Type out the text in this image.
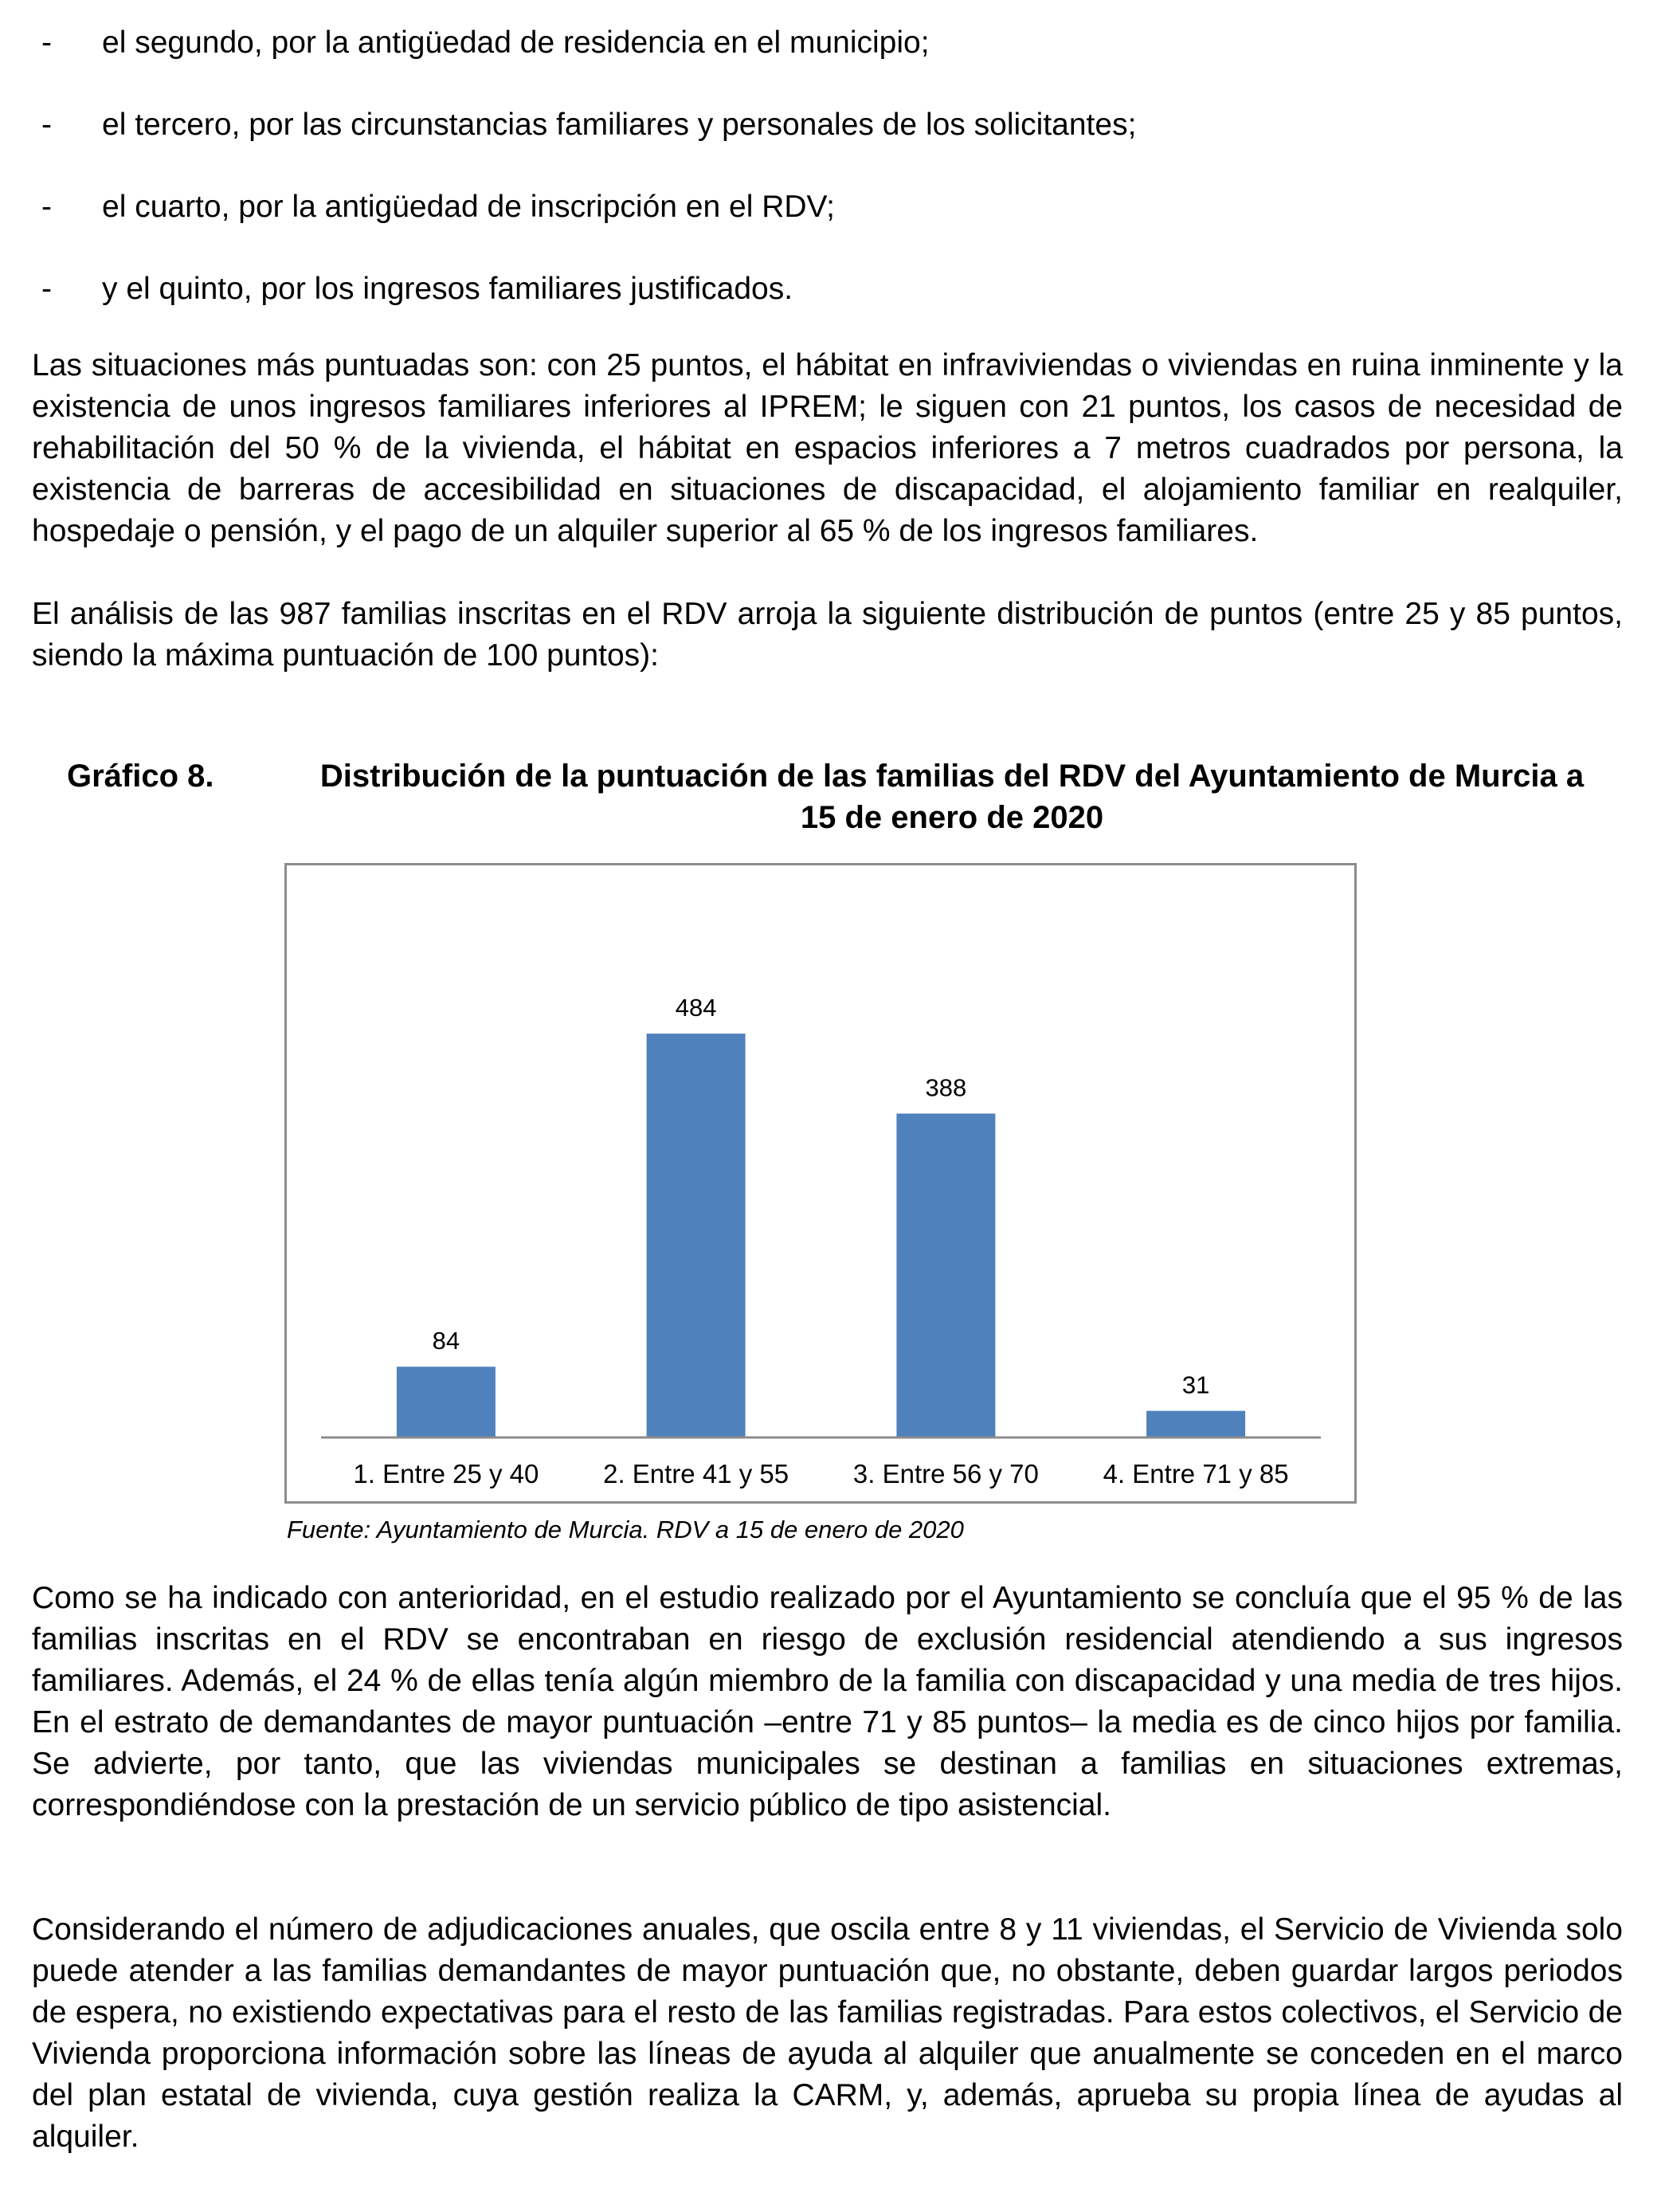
- el segundo, por la antigüedad de residencia en el municipio;
- el tercero, por las circunstancias familiares y personales de los solicitantes;
- el cuarto, por la antigüedad de inscripción en el RDV;
- y el quinto, por los ingresos familiares justificados.

Las situaciones más puntuadas son: con 25 puntos, el hábitat en infraviviendas o viviendas en ruina inminente y la existencia de unos ingresos familiares inferiores al IPREM; le siguen con 21 puntos, los casos de necesidad de rehabilitación del 50 % de la vivienda, el hábitat en espacios inferiores a 7 metros cuadrados por persona, la existencia de barreras de accesibilidad en situaciones de discapacidad, el alojamiento familiar en realquiler, hospedaje o pensión, y el pago de un alquiler superior al 65 % de los ingresos familiares.

El análisis de las 987 familias inscritas en el RDV arroja la siguiente distribución de puntos (entre 25 y 85 puntos, siendo la máxima puntuación de 100 puntos):

Gráfico 8.	Distribución de la puntuación de las familias del RDV del Ayuntamiento de Murcia a 15 de enero de 2020
84
1. Entre 25 y 40
484
2. Entre 41 y 55
388
3. Entre 56 y 70
31
4. Entre 71 y 85
Fuente: Ayuntamiento de Murcia. RDV a 15 de enero de 2020

Como se ha indicado con anterioridad, en el estudio realizado por el Ayuntamiento se concluía que el 95 % de las familias inscritas en el RDV se encontraban en riesgo de exclusión residencial atendiendo a sus ingresos familiares. Además, el 24 % de ellas tenía algún miembro de la familia con discapacidad y una media de tres hijos. En el estrato de demandantes de mayor puntuación –entre 71 y 85 puntos– la media es de cinco hijos por familia. Se advierte, por tanto, que las viviendas municipales se destinan a familias en situaciones extremas, correspondiéndose con la prestación de un servicio público de tipo asistencial.

Considerando el número de adjudicaciones anuales, que oscila entre 8 y 11 viviendas, el Servicio de Vivienda solo puede atender a las familias demandantes de mayor puntuación que, no obstante, deben guardar largos periodos de espera, no existiendo expectativas para el resto de las familias registradas. Para estos colectivos, el Servicio de Vivienda proporciona información sobre las líneas de ayuda al alquiler que anualmente se conceden en el marco del plan estatal de vivienda, cuya gestión realiza la CARM, y, además, aprueba su propia línea de ayudas al alquiler.
